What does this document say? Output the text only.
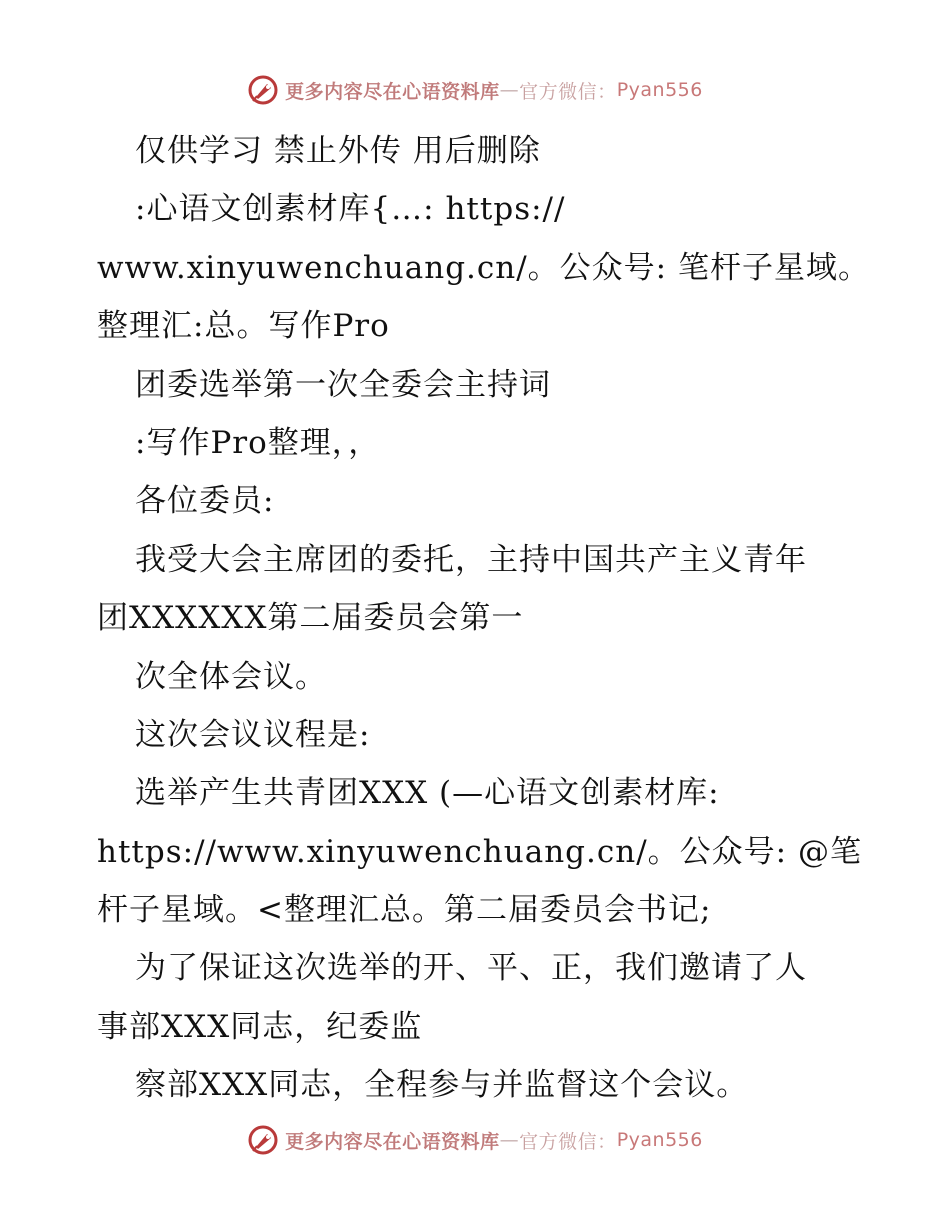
更多内容尽在心语资料库 — 官方微信： Pyan556
仅供学习 禁止外传 用后删除
:心语文创素材库{…: https://
www.xinyuwenchuang.cn/。公众号: 笔杆子星域。
整理汇:总。写作Pro
团委选举第一次全委会主持词
:写作Pro整理，，
各位委员:
我受大会主席团的委托，主持中国共产主义青年
团XXXXXX第二届委员会第一
次全体会议。
这次会议议程是:
选举产生共青团XXX (—心语文创素材库:
https://www.xinyuwenchuang.cn/。公众号: @笔
杆子星域。<整理汇总。第二届委员会书记;
为了保证这次选举的开、平、正，我们邀请了人
事部XXX同志，纪委监
察部XXX同志，全程参与并监督这个会议。
更多内容尽在心语资料库 — 官方微信： Pyan556
